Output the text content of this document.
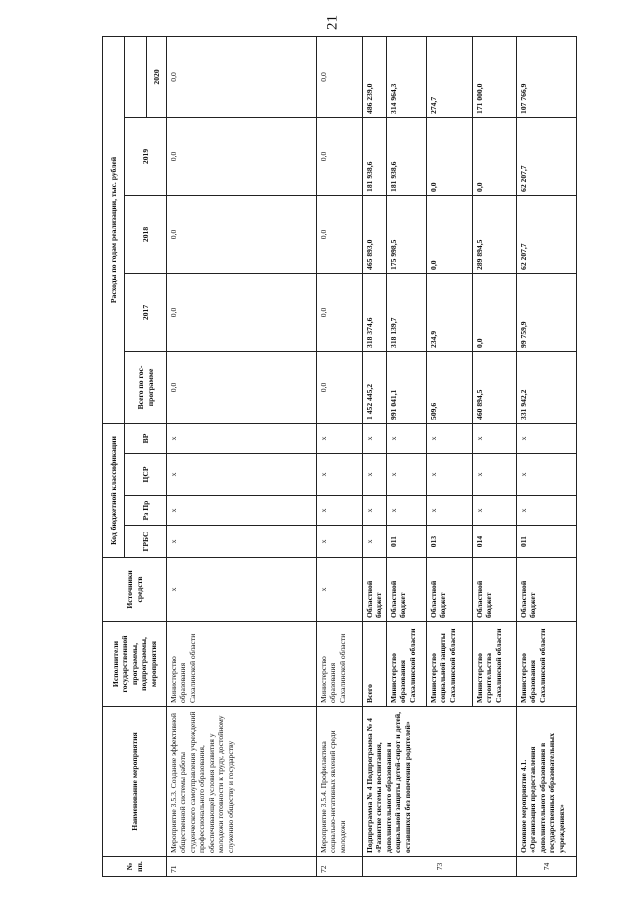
21
№ пп.	Наименование мероприятия	Исполнители государственной программы, подпрограммы, мероприятия	Источники средств	Код бюджетной классификации				Расходы по годам реализации, тыс. рублей				
				ГРБС	Рз Пр	ЦСР	ВР	Всего по гос-программе	2017	2018	2019	
												2020
71	Мероприятие 3.5.3. Создание эффективной общественной системы работы студенческого самоуправления учреждений профессионального образования, обеспечивающей условия развития у молодежи готовности к труду, достойному служению обществу и государству	Министерство образования Сахалинской области	x	x	x	x	x	0,0	0,0	0,0	0,0	0,0
72	Мероприятие 3.5.4. Профилактика социально-негативных явлений среди молодежи	Министерство образования Сахалинской области	x	x	x	x	x	0,0	0,0	0,0	0,0	0,0
73	Подпрограмма № 4 Подпрограмма № 4 «Развитие системы воспитания, дополнительного образования и социальной защиты детей-сирот и детей, оставшихся без попечения родителей»	Всего	Областной бюджет	x	x	x	x	1 452 445,2	318 374,6	465 893,0	181 938,6	486 239,0
		Министерство образования Сахалинской области	Областной бюджет	011	x	x	x	991 041,1	318 139,7	175 998,5	181 938,6	314 964,3
		Министерство социальной защиты Сахалинской области	Областной бюджет	013	x	x	x	509,6	234,9	0,0	0,0	274,7
		Министерство строительства Сахалинской области	Областной бюджет	014	x	x	x	460 894,5	0,0	289 894,5	0,0	171 000,0
74	Основное мероприятие 4.1. «Организация предоставления дополнительного образования в государственных образовательных учреждениях»	Министерство образования Сахалинской области	Областной бюджет	011	x	x	x	331 942,2	99 759,9	62 207,7	62 207,7	107 766,9
